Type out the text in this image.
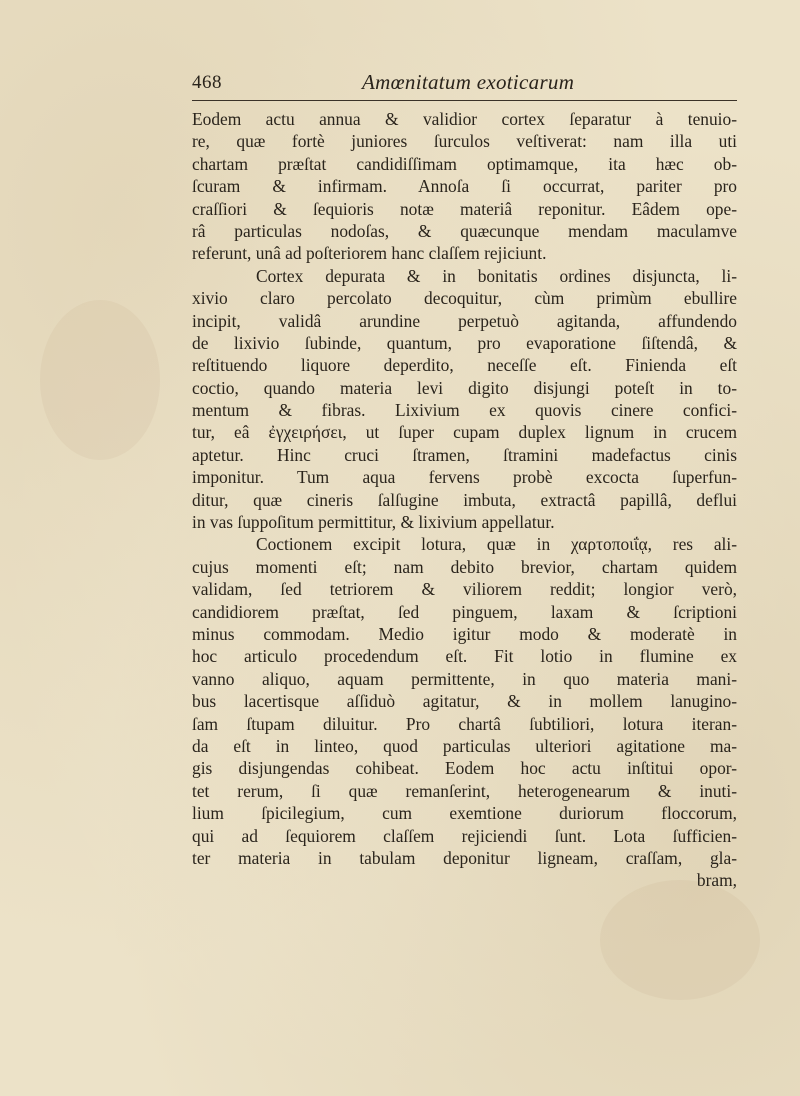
468	Amœnitatum exoticarum
Eodem actu annua & validior cortex ſeparatur à tenuio-
re, quæ fortè juniores ſurculos veſtiverat: nam illa uti
chartam præſtat candidiſſimam optimamque, ita hæc ob-
ſcuram & infirmam. Annoſa ſi occurrat, pariter pro
craſſiori & ſequioris notæ materiâ reponitur. Eâdem ope-
râ particulas nodoſas, & quæcunque mendam maculamve
referunt, unâ ad poſteriorem hanc claſſem rejiciunt.
Cortex depurata & in bonitatis ordines disjuncta, li-
xivio claro percolato decoquitur, cùm primùm ebullire
incipit, validâ arundine perpetuò agitanda, affundendo
de lixivio ſubinde, quantum, pro evaporatione ſiſtendâ, &
reſtituendo liquore deperdito, neceſſe eſt. Finienda eſt
coctio, quando materia levi digito disjungi poteſt in to-
mentum & fibras. Lixivium ex quovis cinere confici-
tur, eâ ἐγχειρήσει, ut ſuper cupam duplex lignum in crucem
aptetur. Hinc cruci ſtramen, ſtramini madefactus cinis
imponitur. Tum aqua fervens probè excocta ſuperfun-
ditur, quæ cineris ſalſugine imbuta, extractâ papillâ, deflui
in vas ſuppoſitum permittitur, & lixivium appellatur.
Coctionem excipit lotura, quæ in χαρτοποιΐᾳ, res ali-
cujus momenti eſt; nam debito brevior, chartam quidem
validam, ſed tetriorem & viliorem reddit; longior verò,
candidiorem præſtat, ſed pinguem, laxam & ſcriptioni
minus commodam. Medio igitur modo & moderatè in
hoc articulo procedendum eſt. Fit lotio in flumine ex
vanno aliquo, aquam permittente, in quo materia mani-
bus lacertisque aſſiduò agitatur, & in mollem lanugino-
ſam ſtupam diluitur. Pro chartâ ſubtiliori, lotura iteran-
da eſt in linteo, quod particulas ulteriori agitatione ma-
gis disjungendas cohibeat. Eodem hoc actu inſtitui opor-
tet rerum, ſi quæ remanſerint, heterogenearum & inuti-
lium ſpicilegium, cum exemtione duriorum floccorum,
qui ad ſequiorem claſſem rejiciendi ſunt. Lota ſufficien-
ter materia in tabulam deponitur ligneam, craſſam, gla-
bram,
